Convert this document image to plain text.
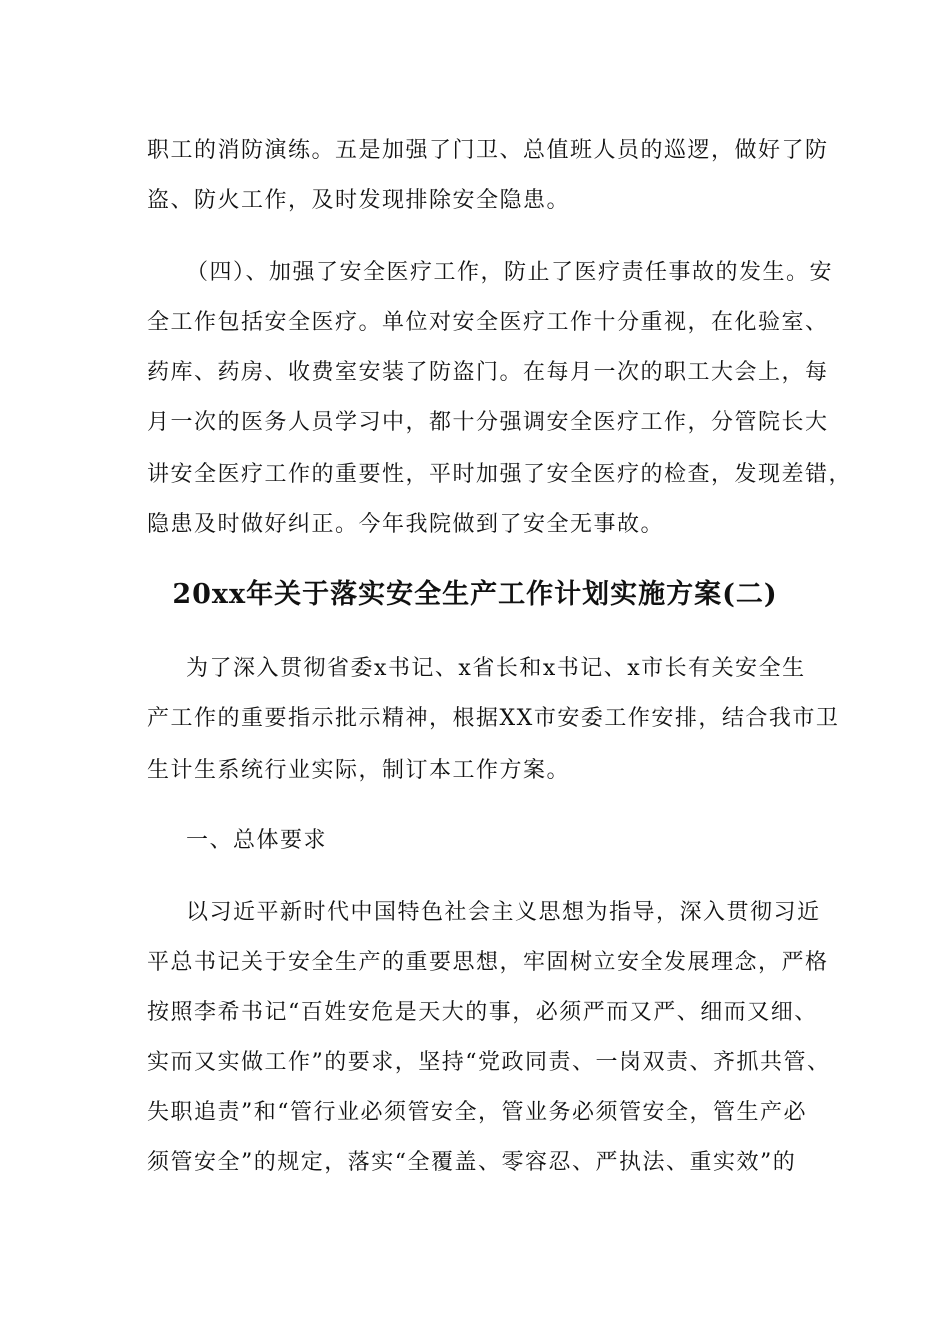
职工的消防演练。五是加强了门卫、总值班人员的巡逻，做好了防
盗、防火工作，及时发现排除安全隐患。
（四）、加强了安全医疗工作，防止了医疗责任事故的发生。安
全工作包括安全医疗。单位对安全医疗工作十分重视，在化验室、
药库、药房、收费室安装了防盗门。在每月一次的职工大会上，每
月一次的医务人员学习中，都十分强调安全医疗工作，分管院长大
讲安全医疗工作的重要性，平时加强了安全医疗的检查，发现差错，
隐患及时做好纠正。今年我院做到了安全无事故。
20xx年关于落实安全生产工作计划实施方案(二)
为了深入贯彻省委x书记、x省长和x书记、x市长有关安全生
产工作的重要指示批示精神，根据XX市安委工作安排，结合我市卫
生计生系统行业实际，制订本工作方案。
一、总体要求
以习近平新时代中国特色社会主义思想为指导，深入贯彻习近
平总书记关于安全生产的重要思想，牢固树立安全发展理念，严格
按照李希书记“百姓安危是天大的事，必须严而又严、细而又细、
实而又实做工作”的要求，坚持“党政同责、一岗双责、齐抓共管、
失职追责”和“管行业必须管安全，管业务必须管安全，管生产必
须管安全”的规定，落实“全覆盖、零容忍、严执法、重实效”的
